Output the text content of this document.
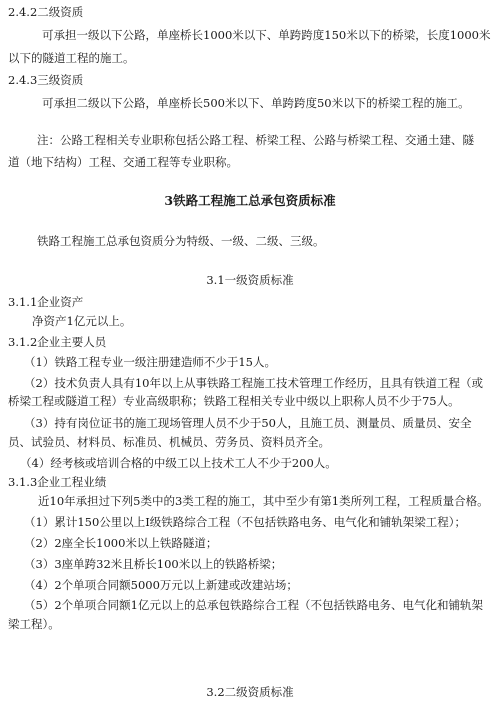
2.4.2二级资质
可承担一级以下公路，单座桥长1000米以下、单跨跨度150米以下的桥梁，长度1000米
以下的隧道工程的施工。
2.4.3三级资质
可承担二级以下公路，单座桥长500米以下、单跨跨度50米以下的桥梁工程的施工。
注：公路工程相关专业职称包括公路工程、桥梁工程、公路与桥梁工程、交通土建、隧
道（地下结构）工程、交通工程等专业职称。
3铁路工程施工总承包资质标准
铁路工程施工总承包资质分为特级、一级、二级、三级。
3.1一级资质标准
3.1.1企业资产
净资产1亿元以上。
3.1.2企业主要人员
（1）铁路工程专业一级注册建造师不少于15人。
（2）技术负责人具有10年以上从事铁路工程施工技术管理工作经历，且具有铁道工程（或
桥梁工程或隧道工程）专业高级职称；铁路工程相关专业中级以上职称人员不少于75人。
（3）持有岗位证书的施工现场管理人员不少于50人，且施工员、测量员、质量员、安全
员、试验员、材料员、标准员、机械员、劳务员、资料员齐全。
（4）经考核或培训合格的中级工以上技术工人不少于200人。
3.1.3企业工程业绩
近10年承担过下列5类中的3类工程的施工，其中至少有第1类所列工程，工程质量合格。
（1）累计150公里以上Ⅰ级铁路综合工程（不包括铁路电务、电气化和铺轨架梁工程）；
（2）2座全长1000米以上铁路隧道；
（3）3座单跨32米且桥长100米以上的铁路桥梁；
（4）2个单项合同额5000万元以上新建或改建站场；
（5）2个单项合同额1亿元以上的总承包铁路综合工程（不包括铁路电务、电气化和铺轨架
梁工程）。
3.2二级资质标准
